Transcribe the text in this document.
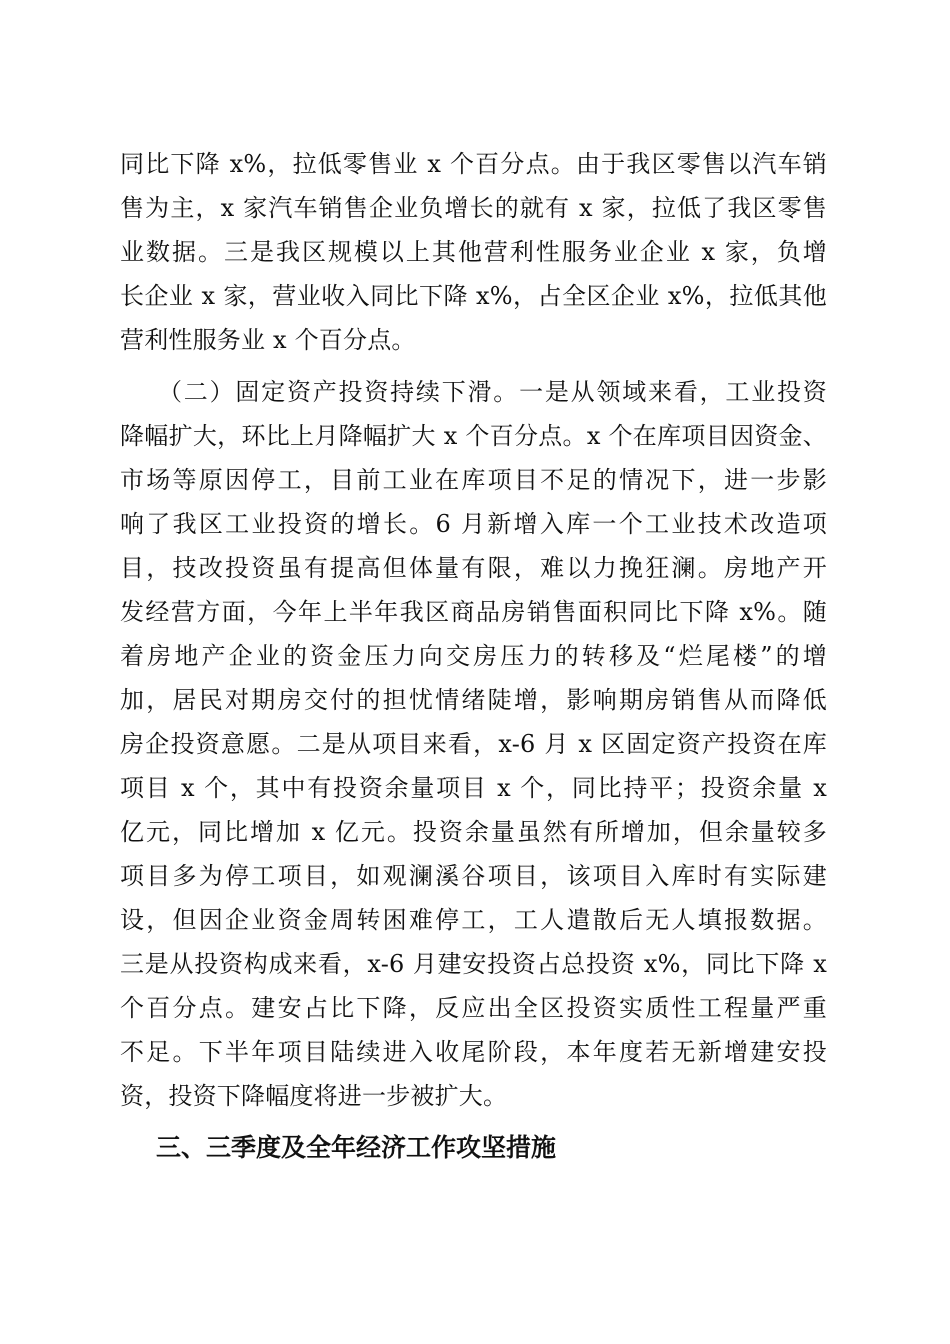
同比下降 x%，拉低零售业 x 个百分点。由于我区零售以汽车销
售为主，x 家汽车销售企业负增长的就有 x 家，拉低了我区零售
业数据。三是我区规模以上其他营利性服务业企业 x 家，负增
长企业 x 家，营业收入同比下降 x%，占全区企业 x%，拉低其他
营利性服务业 x 个百分点。
（二）固定资产投资持续下滑。一是从领域来看，工业投资
降幅扩大，环比上月降幅扩大 x 个百分点。x 个在库项目因资金、
市场等原因停工，目前工业在库项目不足的情况下，进一步影
响了我区工业投资的增长。6 月新增入库一个工业技术改造项
目，技改投资虽有提高但体量有限，难以力挽狂澜。房地产开
发经营方面，今年上半年我区商品房销售面积同比下降 x%。随
着房地产企业的资金压力向交房压力的转移及“烂尾楼”的增
加，居民对期房交付的担忧情绪陡增，影响期房销售从而降低
房企投资意愿。二是从项目来看，x-6 月 x 区固定资产投资在库
项目 x 个，其中有投资余量项目 x 个，同比持平；投资余量 x
亿元，同比增加 x 亿元。投资余量虽然有所增加，但余量较多
项目多为停工项目，如观澜溪谷项目，该项目入库时有实际建
设，但因企业资金周转困难停工，工人遣散后无人填报数据。
三是从投资构成来看，x-6 月建安投资占总投资 x%，同比下降 x
个百分点。建安占比下降，反应出全区投资实质性工程量严重
不足。下半年项目陆续进入收尾阶段，本年度若无新增建安投
资，投资下降幅度将进一步被扩大。
三、三季度及全年经济工作攻坚措施
